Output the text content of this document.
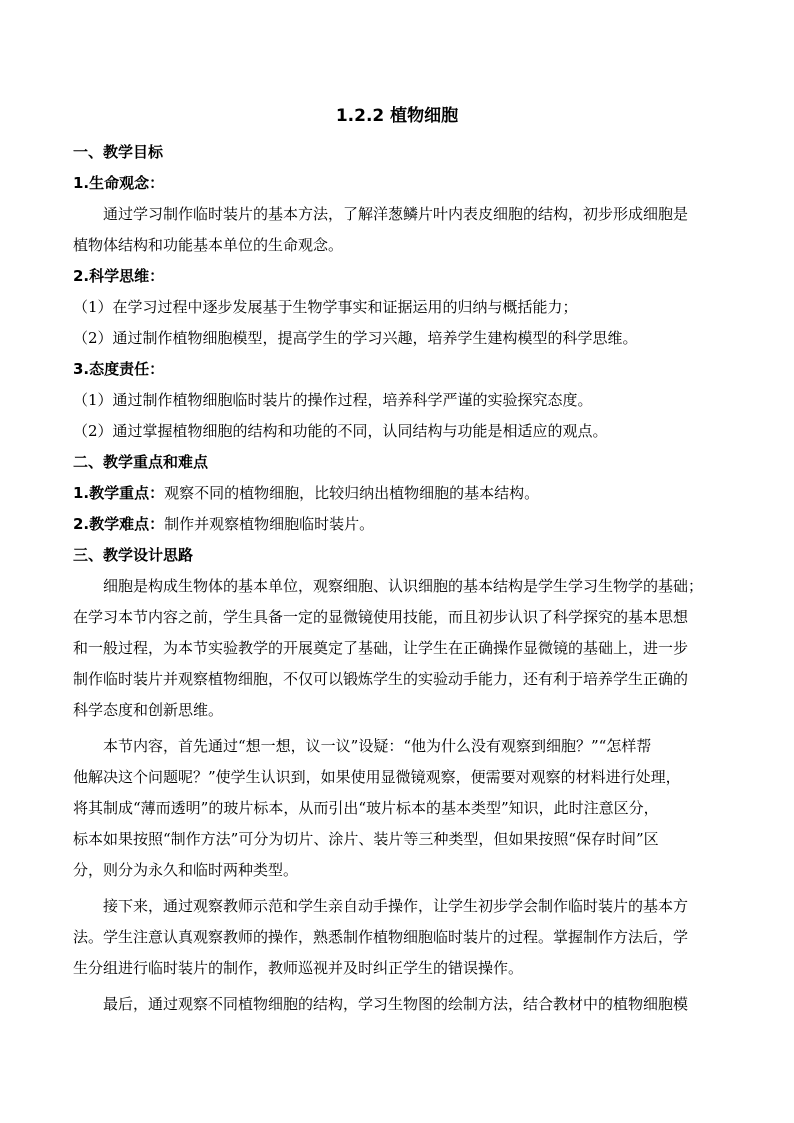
1.2.2 植物细胞
一、教学目标
1.生命观念：
通过学习制作临时装片的基本方法，了解洋葱鳞片叶内表皮细胞的结构，初步形成细胞是
植物体结构和功能基本单位的生命观念。
2.科学思维：
（1）在学习过程中逐步发展基于生物学事实和证据运用的归纳与概括能力；
（2）通过制作植物细胞模型，提高学生的学习兴趣，培养学生建构模型的科学思维。
3.态度责任：
（1）通过制作植物细胞临时装片的操作过程，培养科学严谨的实验探究态度。
（2）通过掌握植物细胞的结构和功能的不同，认同结构与功能是相适应的观点。
二、教学重点和难点
1.教学重点：观察不同的植物细胞，比较归纳出植物细胞的基本结构。
2.教学难点：制作并观察植物细胞临时装片。
三、教学设计思路
细胞是构成生物体的基本单位，观察细胞、认识细胞的基本结构是学生学习生物学的基础；
在学习本节内容之前，学生具备一定的显微镜使用技能，而且初步认识了科学探究的基本思想
和一般过程，为本节实验教学的开展奠定了基础，让学生在正确操作显微镜的基础上，进一步
制作临时装片并观察植物细胞，不仅可以锻炼学生的实验动手能力，还有利于培养学生正确的
科学态度和创新思维。
本节内容，首先通过“想一想，议一议”设疑：“他为什么没有观察到细胞？”“怎样帮
他解决这个问题呢？”使学生认识到，如果使用显微镜观察，便需要对观察的材料进行处理，
将其制成“薄而透明”的玻片标本，从而引出“玻片标本的基本类型”知识，此时注意区分，
标本如果按照“制作方法”可分为切片、涂片、装片等三种类型，但如果按照“保存时间”区
分，则分为永久和临时两种类型。
接下来，通过观察教师示范和学生亲自动手操作，让学生初步学会制作临时装片的基本方
法。学生注意认真观察教师的操作，熟悉制作植物细胞临时装片的过程。掌握制作方法后，学
生分组进行临时装片的制作，教师巡视并及时纠正学生的错误操作。
最后，通过观察不同植物细胞的结构，学习生物图的绘制方法，结合教材中的植物细胞模
